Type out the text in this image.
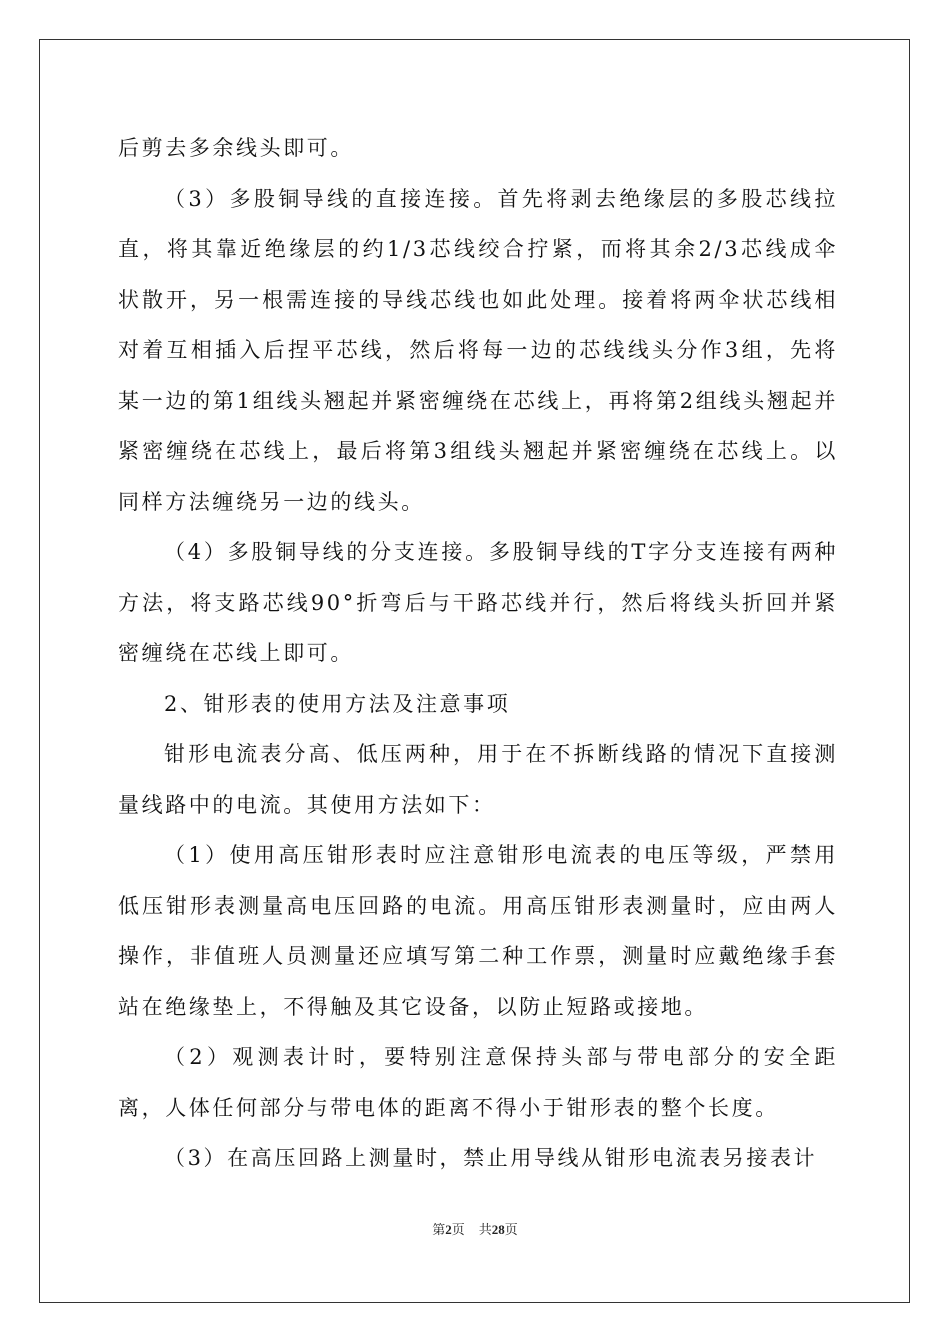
后剪去多余线头即可。

（3）多股铜导线的直接连接。首先将剥去绝缘层的多股芯线拉直，将其靠近绝缘层的约1/3芯线绞合拧紧，而将其余2/3芯线成伞状散开，另一根需连接的导线芯线也如此处理。接着将两伞状芯线相对着互相插入后捏平芯线，然后将每一边的芯线线头分作3组，先将某一边的第1组线头翘起并紧密缠绕在芯线上，再将第2组线头翘起并紧密缠绕在芯线上，最后将第3组线头翘起并紧密缠绕在芯线上。以同样方法缠绕另一边的线头。

（4）多股铜导线的分支连接。多股铜导线的T字分支连接有两种方法，将支路芯线90°折弯后与干路芯线并行，然后将线头折回并紧密缠绕在芯线上即可。

2、钳形表的使用方法及注意事项

钳形电流表分高、低压两种，用于在不拆断线路的情况下直接测量线路中的电流。其使用方法如下：

（1）使用高压钳形表时应注意钳形电流表的电压等级，严禁用低压钳形表测量高电压回路的电流。用高压钳形表测量时，应由两人操作，非值班人员测量还应填写第二种工作票，测量时应戴绝缘手套站在绝缘垫上，不得触及其它设备，以防止短路或接地。

（2）观测表计时，要特别注意保持头部与带电部分的安全距离，人体任何部分与带电体的距离不得小于钳形表的整个长度。

（3）在高压回路上测量时，禁止用导线从钳形电流表另接表计

第2页 共28页
